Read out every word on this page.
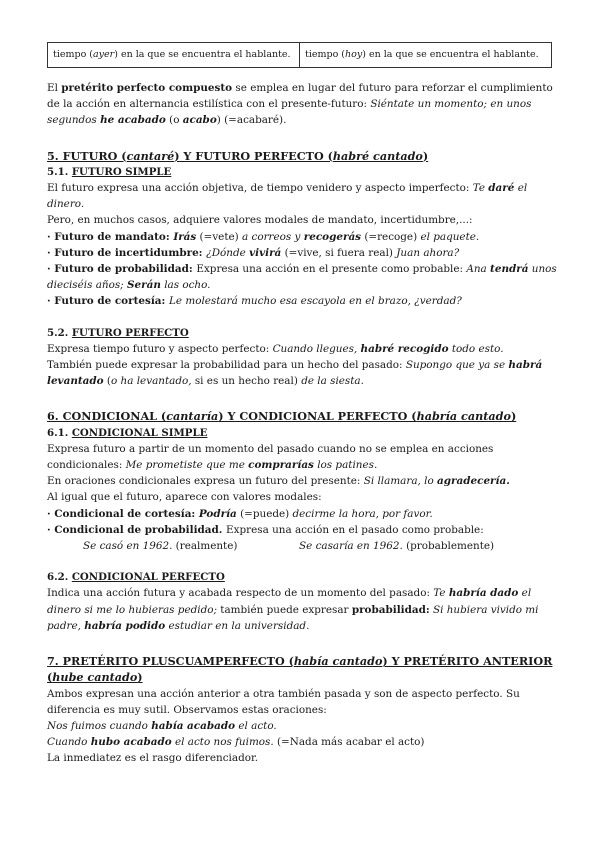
tiempo (ayer) en la que se encuentra el hablante.	tiempo (hoy) en la que se encuentra el hablante.

El pretérito perfecto compuesto se emplea en lugar del futuro para reforzar el cumplimiento de la acción en alternancia estilística con el presente-futuro: Siéntate un momento; en unos segundos he acabado (o acabo) (=acabaré).

5. FUTURO (cantaré) Y FUTURO PERFECTO (habré cantado)

5.1. FUTURO SIMPLE

El futuro expresa una acción objetiva, de tiempo venidero y aspecto imperfecto: Te daré el dinero.

Pero, en muchos casos, adquiere valores modales de mandato, incertidumbre,...:

· Futuro de mandato: Irás (=vete) a correos y recogerás (=recoge) el paquete.

· Futuro de incertidumbre: ¿Dónde vivirá (=vive, si fuera real) Juan ahora?

· Futuro de probabilidad: Expresa una acción en el presente como probable: Ana tendrá unos dieciséis años; Serán las ocho.

· Futuro de cortesía: Le molestará mucho esa escayola en el brazo, ¿verdad?

5.2. FUTURO PERFECTO

Expresa tiempo futuro y aspecto perfecto: Cuando llegues, habré recogido todo esto.

También puede expresar la probabilidad para un hecho del pasado: Supongo que ya se habrá levantado (o ha levantado, si es un hecho real) de la siesta.

6. CONDICIONAL (cantaría) Y CONDICIONAL PERFECTO (habría cantado)

6.1. CONDICIONAL SIMPLE

Expresa futuro a partir de un momento del pasado cuando no se emplea en acciones condicionales: Me prometiste que me comprarías los patines.

En oraciones condicionales expresa un futuro del presente: Si llamara, lo agradecería.

Al igual que el futuro, aparece con valores modales:

· Condicional de cortesía: Podría (=puede) decirme la hora, por favor.

· Condicional de probabilidad. Expresa una acción en el pasado como probable:

Se casó en 1962. (realmente)	Se casaría en 1962. (probablemente)

6.2. CONDICIONAL PERFECTO

Indica una acción futura y acabada respecto de un momento del pasado: Te habría dado el dinero si me lo hubieras pedido; también puede expresar probabilidad: Si hubiera vivido mi padre, habría podido estudiar en la universidad.

7. PRETÉRITO PLUSCUAMPERFECTO (había cantado) Y PRETÉRITO ANTERIOR (hube cantado)

Ambos expresan una acción anterior a otra también pasada y son de aspecto perfecto. Su diferencia es muy sutil. Observamos estas oraciones:

Nos fuimos cuando había acabado el acto.

Cuando hubo acabado el acto nos fuimos. (=Nada más acabar el acto)

La inmediatez es el rasgo diferenciador.
